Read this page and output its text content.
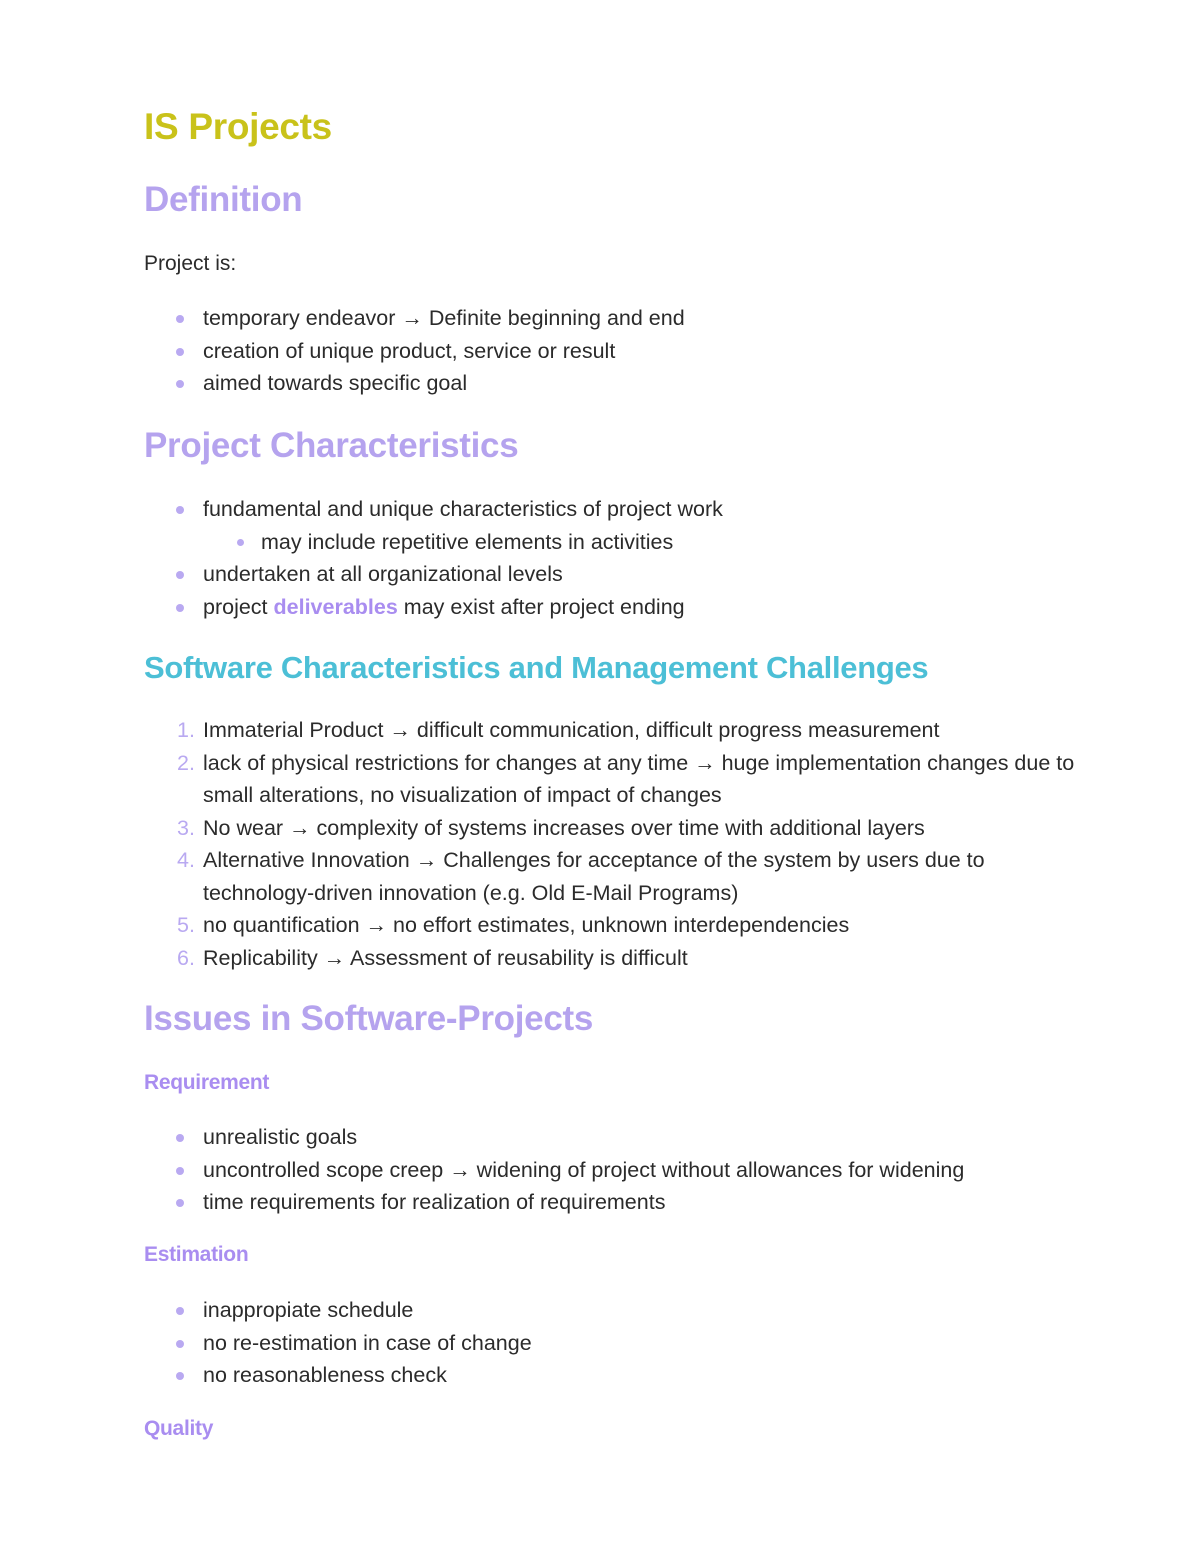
IS Projects
Definition
Project is:
temporary endeavor → Definite beginning and end
creation of unique product, service or result
aimed towards specific goal
Project Characteristics
fundamental and unique characteristics of project work
may include repetitive elements in activities
undertaken at all organizational levels
project deliverables may exist after project ending
Software Characteristics and Management Challenges
1. Immaterial Product → difficult communication, difficult progress measurement
2. lack of physical restrictions for changes at any time → huge implementation changes due to small alterations, no visualization of impact of changes
3. No wear → complexity of systems increases over time with additional layers
4. Alternative Innovation → Challenges for acceptance of the system by users due to technology-driven innovation (e.g. Old E-Mail Programs)
5. no quantification → no effort estimates, unknown interdependencies
6. Replicability → Assessment of reusability is difficult
Issues in Software-Projects
Requirement
unrealistic goals
uncontrolled scope creep → widening of project without allowances for widening
time requirements for realization of requirements
Estimation
inappropiate schedule
no re-estimation in case of change
no reasonableness check
Quality
